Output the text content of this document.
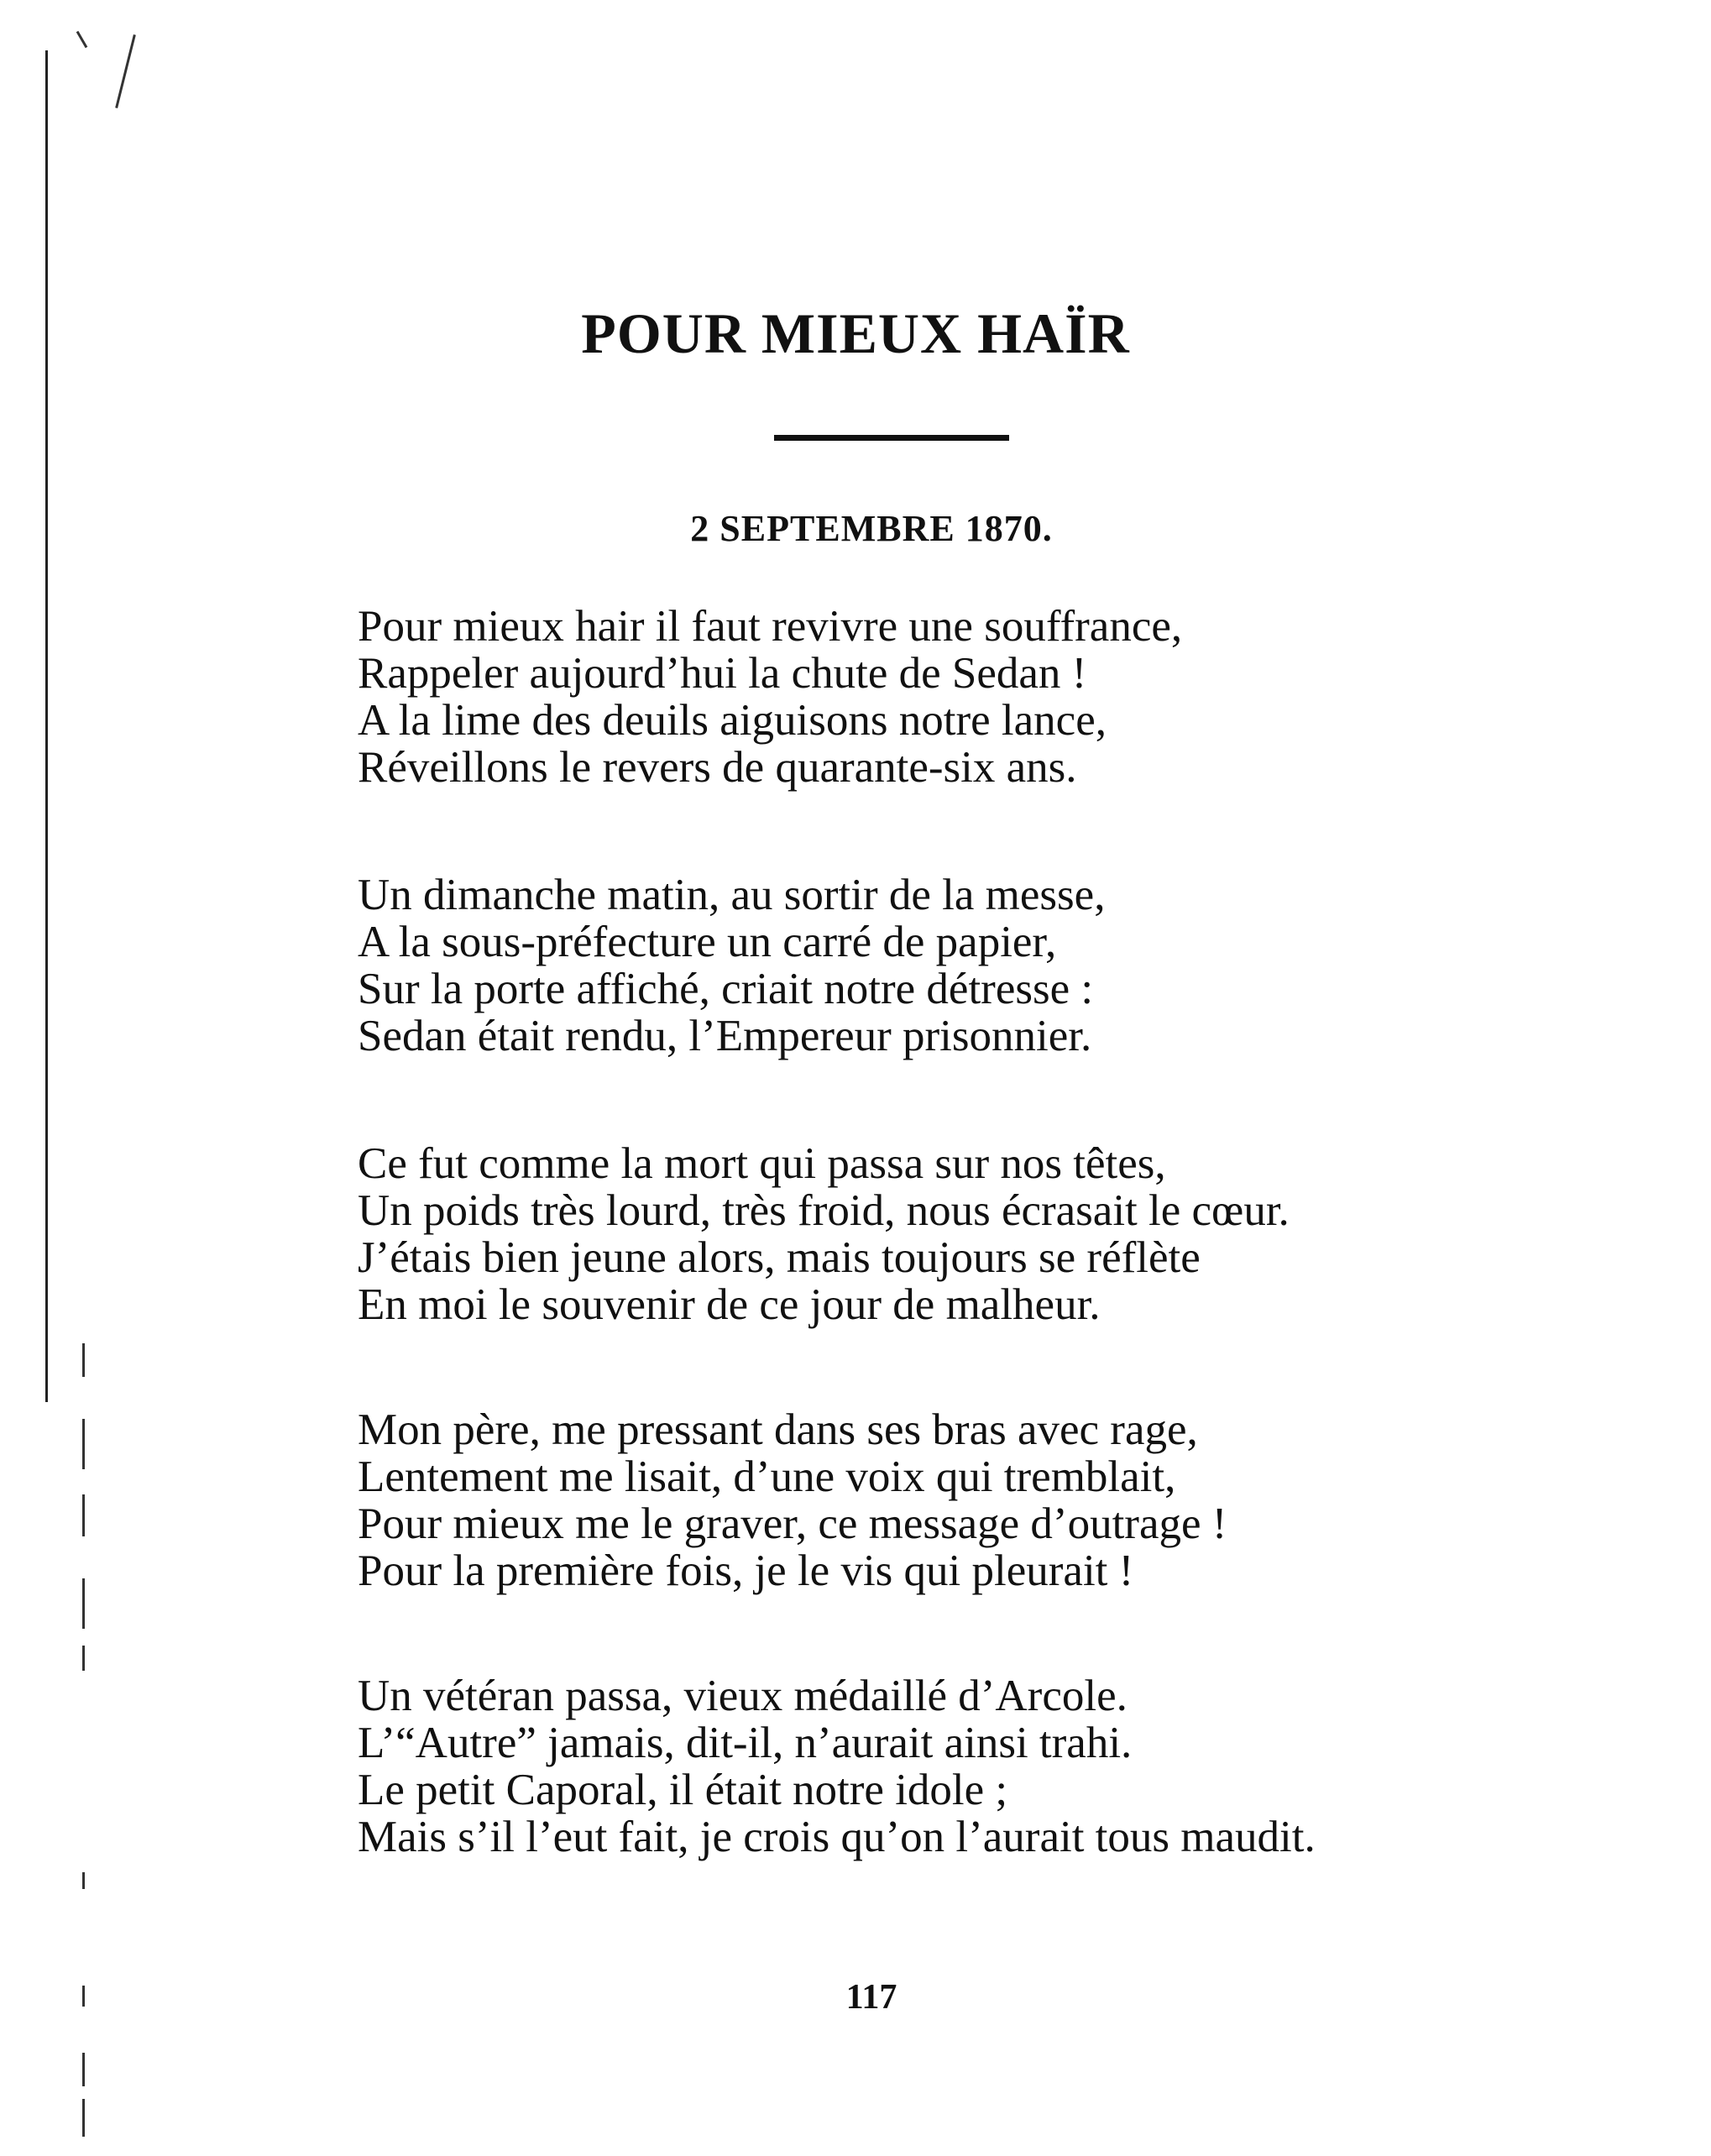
POUR MIEUX HAÏR
2 SEPTEMBRE 1870.
Pour mieux hair il faut revivre une souffrance,
Rappeler aujourd’hui la chute de Sedan !
A la lime des deuils aiguisons notre lance,
Réveillons le revers de quarante-six ans.
Un dimanche matin, au sortir de la messe,
A la sous-préfecture un carré de papier,
Sur la porte affiché, criait notre détresse :
Sedan était rendu, l’Empereur prisonnier.
Ce fut comme la mort qui passa sur nos têtes,
Un poids très lourd, très froid, nous écrasait le cœur.
J’étais bien jeune alors, mais toujours se réflète
En moi le souvenir de ce jour de malheur.
Mon père, me pressant dans ses bras avec rage,
Lentement me lisait, d’une voix qui tremblait,
Pour mieux me le graver, ce message d’outrage !
Pour la première fois, je le vis qui pleurait !
Un vétéran passa, vieux médaillé d’Arcole.
L’“Autre” jamais, dit-il, n’aurait ainsi trahi.
Le petit Caporal, il était notre idole ;
Mais s’il l’eut fait, je crois qu’on l’aurait tous maudit.
117
